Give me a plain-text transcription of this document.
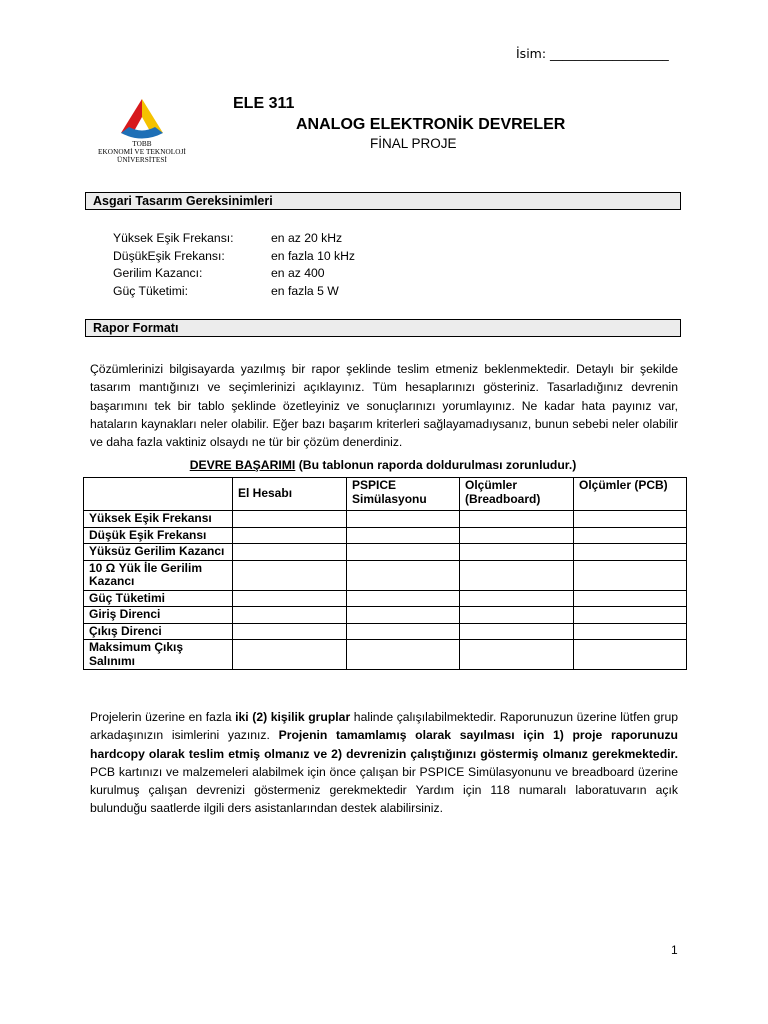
İsim: ___________________
TOBB
EKONOMİ VE TEKNOLOJİ
ÜNİVERSİTESİ
ELE 311
ANALOG ELEKTRONİK DEVRELER
FİNAL PROJE
Asgari Tasarım Gereksinimleri
Yüksek Eşik Frekansı:	en az 20 kHz
DüşükEşik Frekansı:	en fazla 10 kHz
Gerilim Kazancı:	en az 400
Güç Tüketimi:	en fazla 5 W
Rapor Formatı
Çözümlerinizi bilgisayarda yazılmış bir rapor şeklinde teslim etmeniz beklenmektedir. Detaylı bir şekilde tasarım mantığınızı ve seçimlerinizi açıklayınız. Tüm hesaplarınızı gösteriniz. Tasarladığınız devrenin başarımını tek bir tablo şeklinde özetleyiniz ve sonuçlarınızı yorumlayınız. Ne kadar hata payınız var, hataların kaynakları neler olabilir. Eğer bazı başarım kriterleri sağlayamadıysanız, bunun sebebi neler olabilir ve daha fazla vaktiniz olsaydı ne tür bir çözüm denerdiniz.
DEVRE BAŞARIMI (Bu tablonun raporda doldurulması zorunludur.)
	El Hesabı	PSPICE Simülasyonu	Olçümler (Breadboard)	Olçümler (PCB)
Yüksek Eşik Frekansı				
Düşük Eşik Frekansı				
Yüksüz Gerilim Kazancı				
10 Ω Yük İle Gerilim Kazancı				
Güç Tüketimi				
Giriş Direnci				
Çıkış Direnci				
Maksimum Çıkış Salınımı				
Projelerin üzerine en fazla iki (2) kişilik gruplar halinde çalışılabilmektedir. Raporunuzun üzerine lütfen grup arkadaşınızın isimlerini yazınız. Projenin tamamlamış olarak sayılması için 1) proje raporunuzu hardcopy olarak teslim etmiş olmanız ve 2) devrenizin çalıştığınızı göstermiş olmanız gerekmektedir. PCB kartınızı ve malzemeleri alabilmek için önce çalışan bir PSPICE Simülasyonunu ve breadboard üzerine kurulmuş çalışan devrenizi göstermeniz gerekmektedir Yardım için 118 numaralı laboratuvarın açık bulunduğu saatlerde ilgili ders asistanlarından destek alabilirsiniz.
1
